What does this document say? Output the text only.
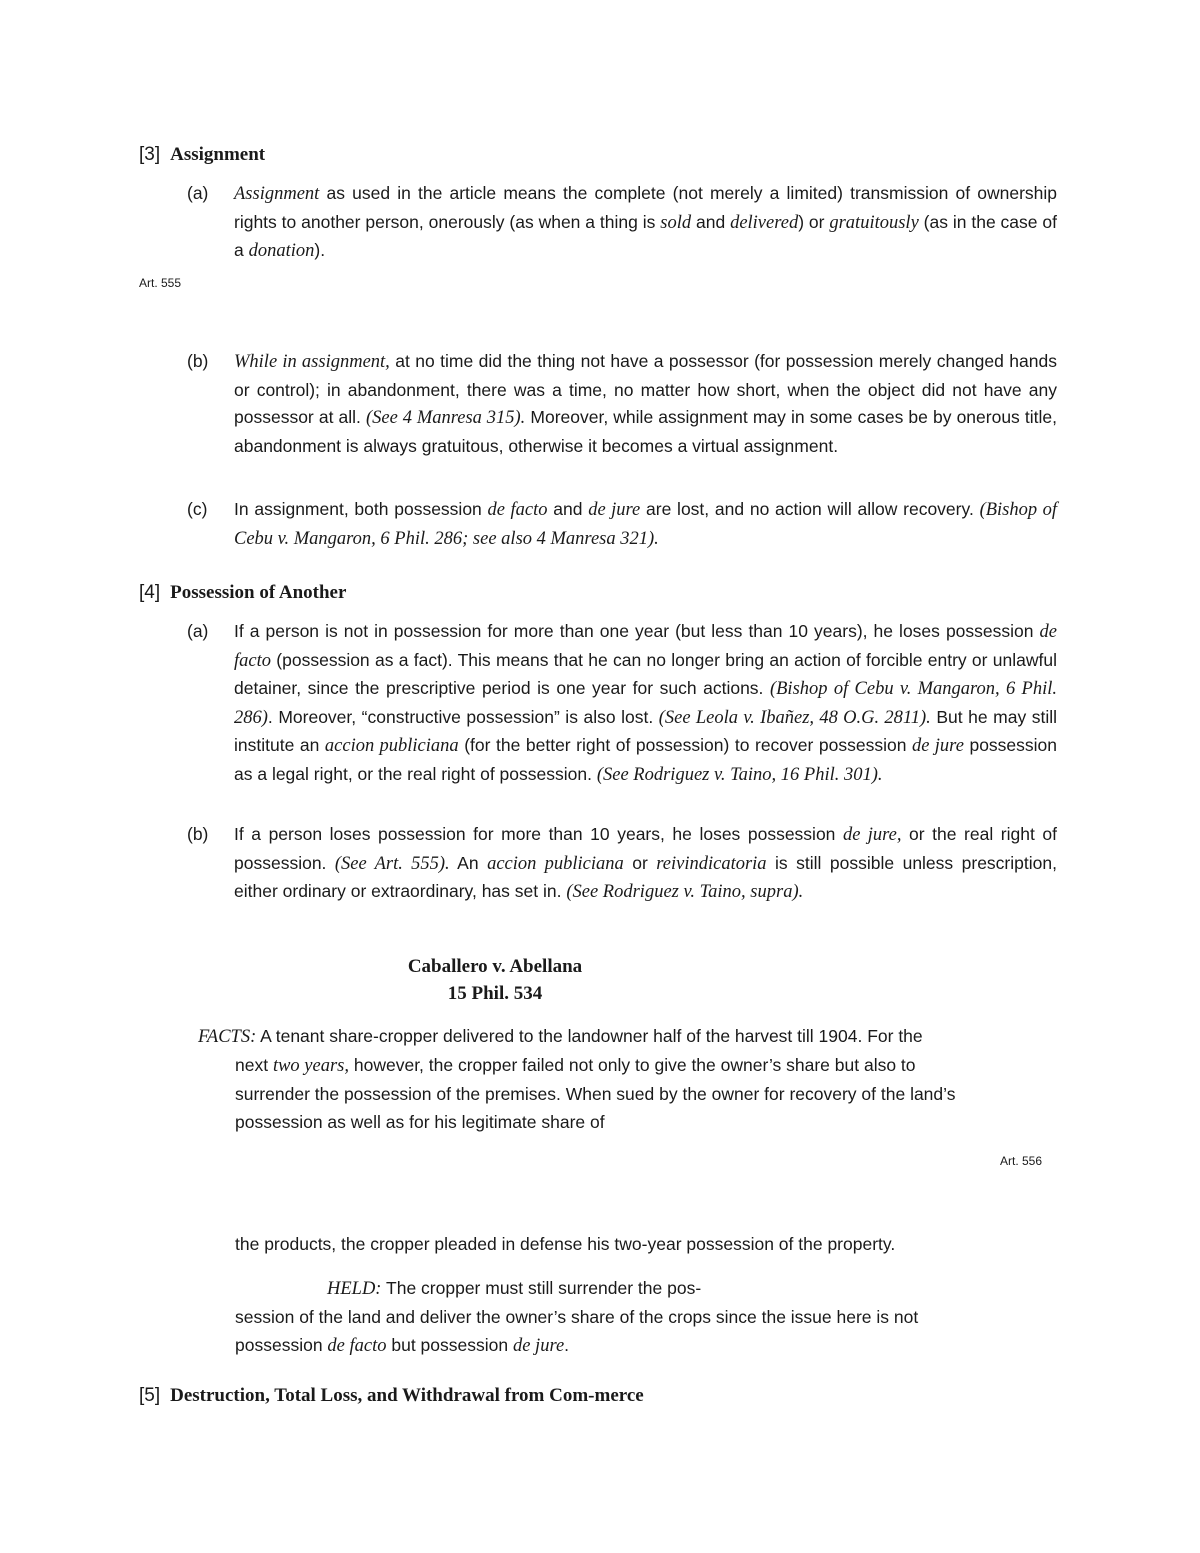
[3] Assignment
(a) Assignment as used in the article means the complete (not merely a limited) transmission of ownership rights to another person, onerously (as when a thing is sold and delivered) or gratuitously (as in the case of a donation).
Art. 555
(b) While in assignment, at no time did the thing not have a possessor (for possession merely changed hands or control); in abandonment, there was a time, no matter how short, when the object did not have any possessor at all. (See 4 Manresa 315). Moreover, while assignment may in some cases be by onerous title, abandonment is always gratuitous, otherwise it becomes a virtual assignment.
(c) In assignment, both possession de facto and de jure are lost, and no action will allow recovery. (Bishop of Cebu v. Mangaron, 6 Phil. 286; see also 4 Manresa 321).
[4] Possession of Another
(a) If a person is not in possession for more than one year (but less than 10 years), he loses possession de facto (possession as a fact). This means that he can no longer bring an action of forcible entry or unlawful detainer, since the prescriptive period is one year for such actions. (Bishop of Cebu v. Mangaron, 6 Phil. 286). Moreover, “constructive possession” is also lost. (See Leola v. Ibañez, 48 O.G. 2811). But he may still institute an accion publiciana (for the better right of possession) to recover possession de jure possession as a legal right, or the real right of possession. (See Rodriguez v. Taino, 16 Phil. 301).
(b) If a person loses possession for more than 10 years, he loses possession de jure, or the real right of possession. (See Art. 555). An accion publiciana or reivindicatoria is still possible unless prescription, either ordinary or extraordinary, has set in. (See Rodriguez v. Taino, supra).
Caballero v. Abellana
15 Phil. 534
FACTS: A tenant share-cropper delivered to the landowner half of the harvest till 1904. For the
next two years, however, the cropper failed not only to give the owner’s share but also to
surrender the possession of the premises. When sued by the owner for recovery of the land’s
possession as well as for his legitimate share of
Art. 556
the products, the cropper pleaded in defense his two-year possession of the property.
HELD: The cropper must still surrender the pos-
session of the land and deliver the owner’s share of the crops since the issue here is not
possession de facto but possession de jure.
[5] Destruction, Total Loss, and Withdrawal from Com-merce
